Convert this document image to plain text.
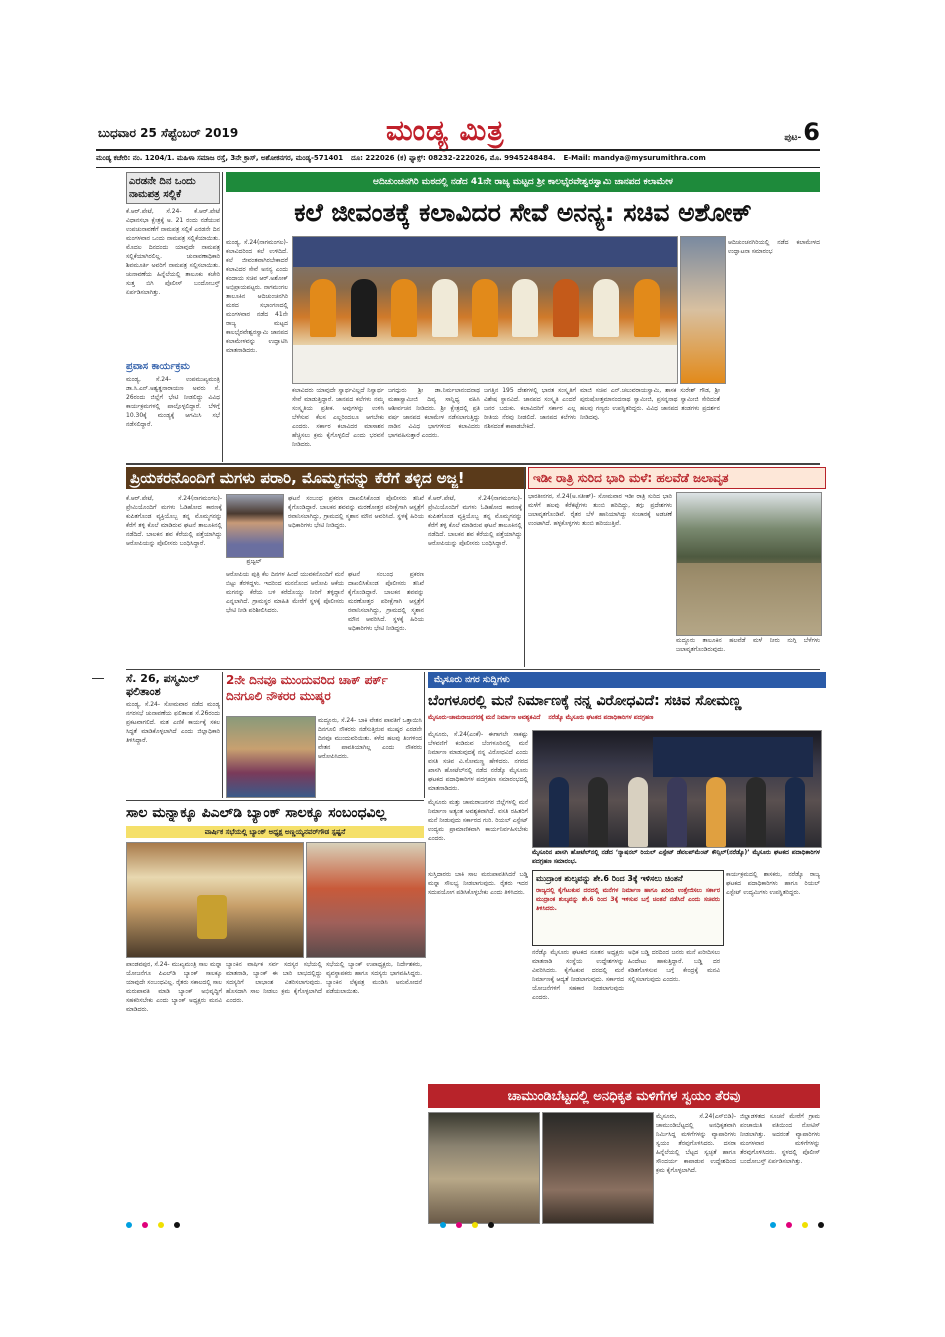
ಬುಧವಾರ 25 ಸೆಪ್ಟೆಂಬರ್ 2019	ಮಂಡ್ಯ ಮಿತ್ರ	ಪುಟ- 6
ಮಂಡ್ಯ ಕಚೇರಿ: ನಂ. 1204/1. ಮಹಿಳಾ ಸಮಾಜ ರಸ್ತೆ, 3ನೇ ಕ್ರಾಸ್, ಅಶೋಕನಗರ, ಮಂಡ್ಯ-571401 ದೂ: 222026 (ಕ) ಫ್ಯಾಕ್ಸ್: 08232-222026, ಮೊ. 9945248484. E-Mail: mandya@mysurumithra.com
ಎರಡನೇ ದಿನ ಒಂದು ನಾಮಪತ್ರ ಸಲ್ಲಿಕೆ
ಕೆ.ಆರ್.ಪೇಟೆ, ಸೆ.24- ಕೆ.ಆರ್.ಪೇಟೆ ವಿಧಾನಸಭಾ ಕ್ಷೇತ್ರಕ್ಕೆ ಅ. 21 ರಂದು ನಡೆಯುವ ಉಪಚುನಾವಣೆಗೆ ನಾಮಪತ್ರ ಸಲ್ಲಿಕೆ ಎರಡನೇ ದಿನ ಮಂಗಳವಾರ ಒಂದು ನಾಮಪತ್ರ ಸಲ್ಲಿಕೆಯಾಯಿತು. ಮೊದಲ ದಿನದಂದು ಯಾವುದೇ ನಾಮಪತ್ರ ಸಲ್ಲಿಕೆಯಾಗಿರಲಿಲ್ಲ. ಚುನಾವಣಾಧಿಕಾರಿ ಶಿವಮೂರ್ತಿ ಅವರಿಗೆ ನಾಮಪತ್ರ ಸಲ್ಲಿಸಲಾಯಿತು. ಚುನಾವಣೆಯ ಹಿನ್ನೆಲೆಯಲ್ಲಿ ತಾಲೂಕು ಕಚೇರಿ ಸುತ್ತ ಬಿಗಿ ಪೊಲೀಸ್ ಬಂದೋಬಸ್ತ್ ಏರ್ಪಡಿಸಲಾಗಿತ್ತು.
ಪ್ರವಾಸ ಕಾರ್ಯಕ್ರಮ
ಮಂಡ್ಯ, ಸೆ.24- ಉಪಮುಖ್ಯಮಂತ್ರಿ ಡಾ.ಸಿ.ಎನ್.ಅಶ್ವತ್ಥನಾರಾಯಣ ಅವರು ಸೆ. 26ರಂದು ಜಿಲ್ಲೆಗೆ ಭೇಟಿ ನೀಡಲಿದ್ದು ವಿವಿಧ ಕಾರ್ಯಕ್ರಮಗಳಲ್ಲಿ ಪಾಲ್ಗೊಳ್ಳಲಿದ್ದಾರೆ. ಬೆಳಿಗ್ಗೆ 10.30ಕ್ಕೆ ಮಂಡ್ಯಕ್ಕೆ ಆಗಮಿಸಿ ಸಭೆ ನಡೆಸಲಿದ್ದಾರೆ.
ಆದಿಚುಂಚನಗಿರಿ ಮಠದಲ್ಲಿ ನಡೆದ 41ನೇ ರಾಜ್ಯ ಮಟ್ಟದ ಶ್ರೀ ಕಾಲಭೈರವೇಶ್ವರಸ್ವಾಮಿ ಜಾನಪದ ಕಲಾಮೇಳ
ಕಲೆ ಜೀವಂತಕ್ಕೆ ಕಲಾವಿದರ ಸೇವೆ ಅನನ್ಯ: ಸಚಿವ ಅಶೋಕ್
ಮಂಡ್ಯ, ಸೆ.24(ನಾಗಮಂಗಲ)- ಕಲಾವಿದರಿಂದ ಕಲೆ ಉಳಿದಿದೆ. ಕಲೆ ಜೀವಂತವಾಗಿರಬೇಕಾದರೆ ಕಲಾವಿದರ ಸೇವೆ ಅನನ್ಯ ಎಂದು ಕಂದಾಯ ಸಚಿವ ಆರ್.ಅಶೋಕ್ ಅಭಿಪ್ರಾಯಪಟ್ಟರು. ನಾಗಮಂಗಲ ತಾಲೂಕಿನ ಆದಿಚುಂಚನಗಿರಿ ಮಠದ ಸಭಾಂಗಣದಲ್ಲಿ ಮಂಗಳವಾರ ನಡೆದ 41ನೇ ರಾಜ್ಯ ಮಟ್ಟದ ಕಾಲಭೈರವೇಶ್ವರಸ್ವಾಮಿ ಜಾನಪದ ಕಲಾಮೇಳವನ್ನು ಉದ್ಘಾಟಿಸಿ ಮಾತನಾಡಿದರು.
ಕಲಾವಿದರು ಯಾವುದೇ ಸ್ವಾರ್ಥವಿಲ್ಲದೆ ನಿಸ್ವಾರ್ಥ ಸೇವೆ ಮಾಡುತ್ತಿದ್ದಾರೆ. ಜಾನಪದ ಕಲೆಗಳು ನಮ್ಮ ಸಂಸ್ಕೃತಿಯ ಪ್ರತೀಕ. ಅವುಗಳನ್ನು ಉಳಿಸಿ ಬೆಳೆಸುವ ಕೆಲಸ ಎಲ್ಲರಿಂದಲೂ ಆಗಬೇಕು ಎಂದರು. ಸರ್ಕಾರ ಕಲಾವಿದರ ಮಾಸಾಶನ ಹೆಚ್ಚಿಸಲು ಕ್ರಮ ಕೈಗೊಳ್ಳಲಿದೆ ಎಂದು ಭರವಸೆ ನೀಡಿದರು.
ಜಗದ್ಗುರು ಶ್ರೀ ಡಾ.ನಿರ್ಮಲಾನಂದನಾಥ ಮಹಾಸ್ವಾಮೀಜಿ ದಿವ್ಯ ಸಾನ್ನಿಧ್ಯ ವಹಿಸಿ ಆಶೀರ್ವಚನ ನೀಡಿದರು. ಶ್ರೀ ಕ್ಷೇತ್ರದಲ್ಲಿ ಪ್ರತಿ ವರ್ಷ ಜಾನಪದ ಕಲಾಮೇಳ ನಡೆಸಲಾಗುತ್ತಿದ್ದು ನಾಡಿನ ವಿವಿಧ ಭಾಗಗಳಿಂದ ಕಲಾವಿದರು ಭಾಗವಹಿಸುತ್ತಾರೆ ಎಂದರು.
ಜಗತ್ತಿನ 195 ದೇಶಗಳಲ್ಲಿ ಭಾರತ ಸಂಸ್ಕೃತಿಗೆ ವಿಶೇಷ ಸ್ಥಾನವಿದೆ. ಜಾನಪದ ಸಂಸ್ಕೃತಿ ಎಂದರೆ ಜನರ ಬದುಕು. ಕಲಾವಿದರಿಗೆ ಸರ್ಕಾರ ಎಲ್ಲ ರೀತಿಯ ನೆರವು ನೀಡಲಿದೆ. ಜಾನಪದ ಕಲೆಗಳು ನಶಿಸದಂತೆ ಕಾಪಾಡಬೇಕಿದೆ.
ಮಾಜಿ ಸಚಿವ ಎನ್.ಚಲುವರಾಯಸ್ವಾಮಿ, ಶಾಸಕ ಸುರೇಶ್ ಗೌಡ, ಶ್ರೀ ಪುರುಷೋತ್ತಮಾನಂದನಾಥ ಸ್ವಾಮೀಜಿ, ಪ್ರಸನ್ನನಾಥ ಸ್ವಾಮೀಜಿ ಸೇರಿದಂತೆ ಹಲವು ಗಣ್ಯರು ಉಪಸ್ಥಿತರಿದ್ದರು. ವಿವಿಧ ಜಾನಪದ ತಂಡಗಳು ಪ್ರದರ್ಶನ ನೀಡಿದವು.
ಆದಿಚುಂಚನಗಿರಿಯಲ್ಲಿ ನಡೆದ ಕಲಾಮೇಳದ ಉದ್ಘಾಟನಾ ಸಮಾರಂಭ
ಪ್ರಿಯಕರನೊಂದಿಗೆ ಮಗಳು ಪರಾರಿ, ಮೊಮ್ಮಗನನ್ನು ಕೆರೆಗೆ ತಳ್ಳಿದ ಅಜ್ಜ!
ಕೆ.ಆರ್.ಪೇಟೆ, ಸೆ.24(ನಾಗಮಂಗಲ)- ಪ್ರೇಮಿಯೊಂದಿಗೆ ಮಗಳು ಓಡಿಹೋದ ಕಾರಣಕ್ಕೆ ಕುಪಿತಗೊಂಡ ವ್ಯಕ್ತಿಯೊಬ್ಬ ತನ್ನ ಮೊಮ್ಮಗನನ್ನು ಕೆರೆಗೆ ತಳ್ಳಿ ಕೊಲೆ ಮಾಡಿರುವ ಘಟನೆ ತಾಲೂಕಿನಲ್ಲಿ ನಡೆದಿದೆ. ಬಾಲಕನ ಶವ ಕೆರೆಯಲ್ಲಿ ಪತ್ತೆಯಾಗಿದ್ದು ಆರೋಪಿಯನ್ನು ಪೊಲೀಸರು ಬಂಧಿಸಿದ್ದಾರೆ.
ಪ್ರಜ್ವಲ್
ಆರೋಪಿಯ ಪುತ್ರಿ ಕೆಲ ದಿನಗಳ ಹಿಂದೆ ಯುವಕನೊಂದಿಗೆ ಮನೆ ಬಿಟ್ಟು ತೆರಳಿದ್ದಳು. ಇದರಿಂದ ಮನನೊಂದ ಆರೋಪಿ ಆಕೆಯ ಮಗನನ್ನು ಕೆರೆಯ ಬಳಿ ಕರೆದೊಯ್ದು ನೀರಿಗೆ ತಳ್ಳಿದ್ದಾನೆ ಎನ್ನಲಾಗಿದೆ. ಗ್ರಾಮಸ್ಥರ ಮಾಹಿತಿ ಮೇರೆಗೆ ಸ್ಥಳಕ್ಕೆ ಪೊಲೀಸರು ಭೇಟಿ ನೀಡಿ ಪರಿಶೀಲಿಸಿದರು.
ಘಟನೆ ಸಂಬಂಧ ಪ್ರಕರಣ ದಾಖಲಿಸಿಕೊಂಡ ಪೊಲೀಸರು ತನಿಖೆ ಕೈಗೊಂಡಿದ್ದಾರೆ. ಬಾಲಕನ ಶವವನ್ನು ಮರಣೋತ್ತರ ಪರೀಕ್ಷೆಗಾಗಿ ಆಸ್ಪತ್ರೆಗೆ ರವಾನಿಸಲಾಗಿದ್ದು, ಗ್ರಾಮದಲ್ಲಿ ಸ್ಮಶಾನ ಮೌನ ಆವರಿಸಿದೆ. ಸ್ಥಳಕ್ಕೆ ಹಿರಿಯ ಅಧಿಕಾರಿಗಳು ಭೇಟಿ ನೀಡಿದ್ದರು.
ಘಟನೆ ಸಂಬಂಧ ಪ್ರಕರಣ ದಾಖಲಿಸಿಕೊಂಡ ಪೊಲೀಸರು ತನಿಖೆ ಕೈಗೊಂಡಿದ್ದಾರೆ. ಬಾಲಕನ ಶವವನ್ನು ಮರಣೋತ್ತರ ಪರೀಕ್ಷೆಗಾಗಿ ಆಸ್ಪತ್ರೆಗೆ ರವಾನಿಸಲಾಗಿದ್ದು, ಗ್ರಾಮದಲ್ಲಿ ಸ್ಮಶಾನ ಮೌನ ಆವರಿಸಿದೆ. ಸ್ಥಳಕ್ಕೆ ಹಿರಿಯ ಅಧಿಕಾರಿಗಳು ಭೇಟಿ ನೀಡಿದ್ದರು.
ಕೆ.ಆರ್.ಪೇಟೆ, ಸೆ.24(ನಾಗಮಂಗಲ)- ಪ್ರೇಮಿಯೊಂದಿಗೆ ಮಗಳು ಓಡಿಹೋದ ಕಾರಣಕ್ಕೆ ಕುಪಿತಗೊಂಡ ವ್ಯಕ್ತಿಯೊಬ್ಬ ತನ್ನ ಮೊಮ್ಮಗನನ್ನು ಕೆರೆಗೆ ತಳ್ಳಿ ಕೊಲೆ ಮಾಡಿರುವ ಘಟನೆ ತಾಲೂಕಿನಲ್ಲಿ ನಡೆದಿದೆ. ಬಾಲಕನ ಶವ ಕೆರೆಯಲ್ಲಿ ಪತ್ತೆಯಾಗಿದ್ದು ಆರೋಪಿಯನ್ನು ಪೊಲೀಸರು ಬಂಧಿಸಿದ್ದಾರೆ.
ಇಡೀ ರಾತ್ರಿ ಸುರಿದ ಭಾರಿ ಮಳೆ: ಹಲವೆಡೆ ಜಲಾವೃತ
ಭಾರತೀನಗರ, ಸೆ.24(ಅ.ಸತೀಶ್)- ಸೋಮವಾರ ಇಡೀ ರಾತ್ರಿ ಸುರಿದ ಭಾರಿ ಮಳೆಗೆ ಹಲವು ಕೆರೆಕಟ್ಟೆಗಳು ತುಂಬಿ ಹರಿದಿದ್ದು, ತಗ್ಗು ಪ್ರದೇಶಗಳು ಜಲಾವೃತಗೊಂಡಿವೆ. ರೈತರ ಬೆಳೆ ಹಾನಿಯಾಗಿದ್ದು ಸಂಚಾರಕ್ಕೆ ಅಡಚಣೆ ಉಂಟಾಗಿದೆ. ಹಳ್ಳಕೊಳ್ಳಗಳು ತುಂಬಿ ಹರಿಯುತ್ತಿವೆ.
ಮದ್ದೂರು ತಾಲೂಕಿನ ಹಲವೆಡೆ ಮಳೆ ನೀರು ನುಗ್ಗಿ ಬೆಳೆಗಳು ಜಲಾವೃತಗೊಂಡಿರುವುದು.
ಸೆ. 26, ಪಸ್ಮಮಿಲ್ ಫಲಿತಾಂಶ
ಮಂಡ್ಯ, ಸೆ.24- ಸೋಮವಾರ ನಡೆದ ಮಂಡ್ಯ ನಗರಸಭೆ ಚುನಾವಣೆಯ ಫಲಿತಾಂಶ ಸೆ.26ರಂದು ಪ್ರಕಟವಾಗಲಿದೆ. ಮತ ಎಣಿಕೆ ಕಾರ್ಯಕ್ಕೆ ಸಕಲ ಸಿದ್ಧತೆ ಮಾಡಿಕೊಳ್ಳಲಾಗಿದೆ ಎಂದು ಜಿಲ್ಲಾಧಿಕಾರಿ ತಿಳಿಸಿದ್ದಾರೆ.
2ನೇ ದಿನವೂ ಮುಂದುವರಿದ ಚಾಕ್ ಪರ್ಕ್ ದಿನಗೂಲಿ ನೌಕರರ ಮುಷ್ಕರ
ಮದ್ದೂರು, ಸೆ.24- ಬಾಕಿ ವೇತನ ಪಾವತಿಗೆ ಒತ್ತಾಯಿಸಿ ದಿನಗೂಲಿ ನೌಕರರು ನಡೆಸುತ್ತಿರುವ ಮುಷ್ಕರ ಎರಡನೇ ದಿನವೂ ಮುಂದುವರಿಯಿತು. ಕಳೆದ ಹಲವು ತಿಂಗಳಿಂದ ವೇತನ ಪಾವತಿಯಾಗಿಲ್ಲ ಎಂದು ನೌಕರರು ಆರೋಪಿಸಿದರು.
ಮೈಸೂರು ನಗರ ಸುದ್ದಿಗಳು
ಬೆಂಗಳೂರಲ್ಲಿ ಮನೆ ನಿರ್ಮಾಣಕ್ಕೆ ನನ್ನ ವಿರೋಧವಿದೆ: ಸಚಿವ ಸೋಮಣ್ಣ
ಮೈಸೂರು-ಚಾಮರಾಜನಗರಕ್ಕೆ ಮನೆ ನಿರ್ಮಾಣ ಅವಶ್ಯಕವಿದೆ ನರೆಡ್ಕೊ ಮೈಸೂರು ಘಟಕದ ಪದಾಧಿಕಾರಿಗಳ ಪದಗ್ರಹಣ
ಮೈಸೂರು, ಸೆ.24(ಎಂಕೆ)- ಈಗಾಗಲೇ ಸಾಕಷ್ಟು ಬೆಳವಣಿಗೆ ಕಂಡಿರುವ ಬೆಂಗಳೂರಿನಲ್ಲಿ ಮನೆ ನಿರ್ಮಾಣ ಮಾಡುವುದಕ್ಕೆ ನನ್ನ ವಿರೋಧವಿದೆ ಎಂದು ವಸತಿ ಸಚಿವ ವಿ.ಸೋಮಣ್ಣ ಹೇಳಿದರು. ನಗರದ ಖಾಸಗಿ ಹೋಟೆಲ್‌ನಲ್ಲಿ ನಡೆದ ನರೆಡ್ಕೊ ಮೈಸೂರು ಘಟಕದ ಪದಾಧಿಕಾರಿಗಳ ಪದಗ್ರಹಣ ಸಮಾರಂಭದಲ್ಲಿ ಮಾತನಾಡಿದರು.
ಮೈಸೂರಿನ ಖಾಸಗಿ ಹೋಟೆಲ್‌ನಲ್ಲಿ ನಡೆದ ‘ನ್ಯಾಷನಲ್ ರಿಯಲ್ ಎಸ್ಟೇಟ್ ಡೆವಲಪ್‌ಮೆಂಟ್ ಕೌನ್ಸಿಲ್(ನರೆಡ್ಕೊ)’ ಮೈಸೂರು ಘಟಕದ ಪದಾಧಿಕಾರಿಗಳ ಪದಗ್ರಹಣ ಸಮಾರಂಭ.
ಮೈಸೂರು ಮತ್ತು ಚಾಮರಾಜನಗರ ಜಿಲ್ಲೆಗಳಲ್ಲಿ ಮನೆ ನಿರ್ಮಾಣ ಅತ್ಯಂತ ಅವಶ್ಯಕವಾಗಿದೆ. ವಸತಿ ರಹಿತರಿಗೆ ಮನೆ ನೀಡುವುದು ಸರ್ಕಾರದ ಗುರಿ. ರಿಯಲ್ ಎಸ್ಟೇಟ್ ಉದ್ಯಮ ಪ್ರಾಮಾಣಿಕವಾಗಿ ಕಾರ್ಯನಿರ್ವಹಿಸಬೇಕು ಎಂದರು.
ಸಾಲ ಮನ್ನಾಕ್ಕೂ ಪಿಎಲ್‌ಡಿ ಬ್ಯಾಂಕ್ ಸಾಲಕ್ಕೂ ಸಂಬಂಧವಿಲ್ಲ
ವಾರ್ಷಿಕ ಸಭೆಯಲ್ಲಿ ಬ್ಯಾಂಕ್ ಅಧ್ಯಕ್ಷ ಅಣ್ಣಯ್ಯನವರ್‌ಗೌಡ ಸ್ಪಷ್ಟನೆ
ಪಾಂಡವಪುರ, ಸೆ.24- ಮುಖ್ಯಮಂತ್ರಿ ಸಾಲ ಮನ್ನಾ ಯೋಜನೆಗೂ ಪಿಎಲ್‌ಡಿ ಬ್ಯಾಂಕ್ ಸಾಲಕ್ಕೂ ಯಾವುದೇ ಸಂಬಂಧವಿಲ್ಲ. ರೈತರು ಸಕಾಲದಲ್ಲಿ ಸಾಲ ಮರುಪಾವತಿ ಮಾಡಿ ಬ್ಯಾಂಕ್ ಅಭಿವೃದ್ಧಿಗೆ ಸಹಕರಿಸಬೇಕು ಎಂದು ಬ್ಯಾಂಕ್ ಅಧ್ಯಕ್ಷರು ಮನವಿ ಮಾಡಿದರು.
ಬ್ಯಾಂಕಿನ ವಾರ್ಷಿಕ ಸರ್ವ ಸದಸ್ಯರ ಸಭೆಯಲ್ಲಿ ಮಾತನಾಡಿ, ಬ್ಯಾಂಕ್ ಈ ಬಾರಿ ಲಾಭದಲ್ಲಿದ್ದು ಸದಸ್ಯರಿಗೆ ಲಾಭಾಂಶ ವಿತರಿಸಲಾಗುವುದು. ಹೊಸದಾಗಿ ಸಾಲ ನೀಡಲು ಕ್ರಮ ಕೈಗೊಳ್ಳಲಾಗಿದೆ ಎಂದರು.
ಸಭೆಯಲ್ಲಿ ಬ್ಯಾಂಕ್ ಉಪಾಧ್ಯಕ್ಷರು, ನಿರ್ದೇಶಕರು, ವ್ಯವಸ್ಥಾಪಕರು ಹಾಗೂ ಸದಸ್ಯರು ಭಾಗವಹಿಸಿದ್ದರು. ಬ್ಯಾಂಕಿನ ಲೆಕ್ಕಪತ್ರ ಮಂಡಿಸಿ ಅನುಮೋದನೆ ಪಡೆಯಲಾಯಿತು.
ಸುಸ್ತಿದಾರರು ಬಾಕಿ ಸಾಲ ಮರುಪಾವತಿಸಿದರೆ ಬಡ್ಡಿ ಮನ್ನಾ ಸೌಲಭ್ಯ ನೀಡಲಾಗುವುದು. ರೈತರು ಇದರ ಸದುಪಯೋಗ ಪಡಿಸಿಕೊಳ್ಳಬೇಕು ಎಂದು ತಿಳಿಸಿದರು.
ಮುದ್ರಾಂಕ ಶುಲ್ಕವನ್ನು ಶೇ.6 ರಿಂದ 3ಕ್ಕೆ ಇಳಿಸಲು ಚಿಂತನೆ
ರಾಜ್ಯದಲ್ಲಿ ಕೈಗೆಟುಕುವ ದರದಲ್ಲಿ ಮನೆಗಳ ನಿರ್ಮಾಣ ಹಾಗೂ ಖರೀದಿ ಉತ್ತೇಜಿಸಲು ಸರ್ಕಾರ ಮುದ್ರಾಂಕ ಶುಲ್ಕವನ್ನು ಶೇ.6 ರಿಂದ 3ಕ್ಕೆ ಇಳಿಸುವ ಬಗ್ಗೆ ಚಿಂತನೆ ನಡೆಸಿದೆ ಎಂದು ಸಚಿವರು ತಿಳಿಸಿದರು.
ನರೆಡ್ಕೊ ಮೈಸೂರು ಘಟಕದ ನೂತನ ಅಧ್ಯಕ್ಷರು ಮಾತನಾಡಿ ಸಂಸ್ಥೆಯ ಉದ್ದೇಶಗಳನ್ನು ವಿವರಿಸಿದರು. ಕೈಗೆಟಕುವ ದರದಲ್ಲಿ ಮನೆ ನಿರ್ಮಾಣಕ್ಕೆ ಆದ್ಯತೆ ನೀಡಲಾಗುವುದು. ಸರ್ಕಾರದ ಯೋಜನೆಗಳಿಗೆ ಸಹಕಾರ ನೀಡಲಾಗುವುದು ಎಂದರು.
ಅಧಿಕ ಬಡ್ಡಿ ದರದಿಂದ ಜನರು ಮನೆ ಖರೀದಿಸಲು ಹಿಂದೇಟು ಹಾಕುತ್ತಿದ್ದಾರೆ. ಬಡ್ಡಿ ದರ ಕಡಿತಗೊಳಿಸುವ ಬಗ್ಗೆ ಕೇಂದ್ರಕ್ಕೆ ಮನವಿ ಸಲ್ಲಿಸಲಾಗುವುದು ಎಂದರು.
ಕಾರ್ಯಕ್ರಮದಲ್ಲಿ ಶಾಸಕರು, ನರೆಡ್ಕೊ ರಾಜ್ಯ ಘಟಕದ ಪದಾಧಿಕಾರಿಗಳು ಹಾಗೂ ರಿಯಲ್ ಎಸ್ಟೇಟ್ ಉದ್ಯಮಿಗಳು ಉಪಸ್ಥಿತರಿದ್ದರು.
ಚಾಮುಂಡಿಬೆಟ್ಟದಲ್ಲಿ ಅನಧಿಕೃತ ಮಳಿಗೆಗಳ ಸ್ವಯಂ ತೆರವು
ಮೈಸೂರು, ಸೆ.24(ಎಸ್‌ಬಿಡಿ)- ಚಾಮುಂಡಿಬೆಟ್ಟದಲ್ಲಿ ಅನಧಿಕೃತವಾಗಿ ನಿರ್ಮಿಸಿದ್ದ ಮಳಿಗೆಗಳನ್ನು ವ್ಯಾಪಾರಿಗಳು ಸ್ವಯಂ ತೆರವುಗೊಳಿಸಿದರು. ದಸರಾ ಹಿನ್ನೆಲೆಯಲ್ಲಿ ಬೆಟ್ಟದ ಸ್ವಚ್ಛತೆ ಹಾಗೂ ಸೌಂದರ್ಯ ಕಾಪಾಡುವ ಉದ್ದೇಶದಿಂದ ಕ್ರಮ ಕೈಗೊಳ್ಳಲಾಗಿದೆ.
ಜಿಲ್ಲಾಡಳಿತದ ಸೂಚನೆ ಮೇರೆಗೆ ಗ್ರಾಮ ಪಂಚಾಯಿತಿ ವತಿಯಿಂದ ನೋಟಿಸ್ ನೀಡಲಾಗಿತ್ತು. ಅದರಂತೆ ವ್ಯಾಪಾರಿಗಳು ಮಂಗಳವಾರ ಮಳಿಗೆಗಳನ್ನು ತೆರವುಗೊಳಿಸಿದರು. ಸ್ಥಳದಲ್ಲಿ ಪೊಲೀಸ್ ಬಂದೋಬಸ್ತ್ ಏರ್ಪಡಿಸಲಾಗಿತ್ತು.
